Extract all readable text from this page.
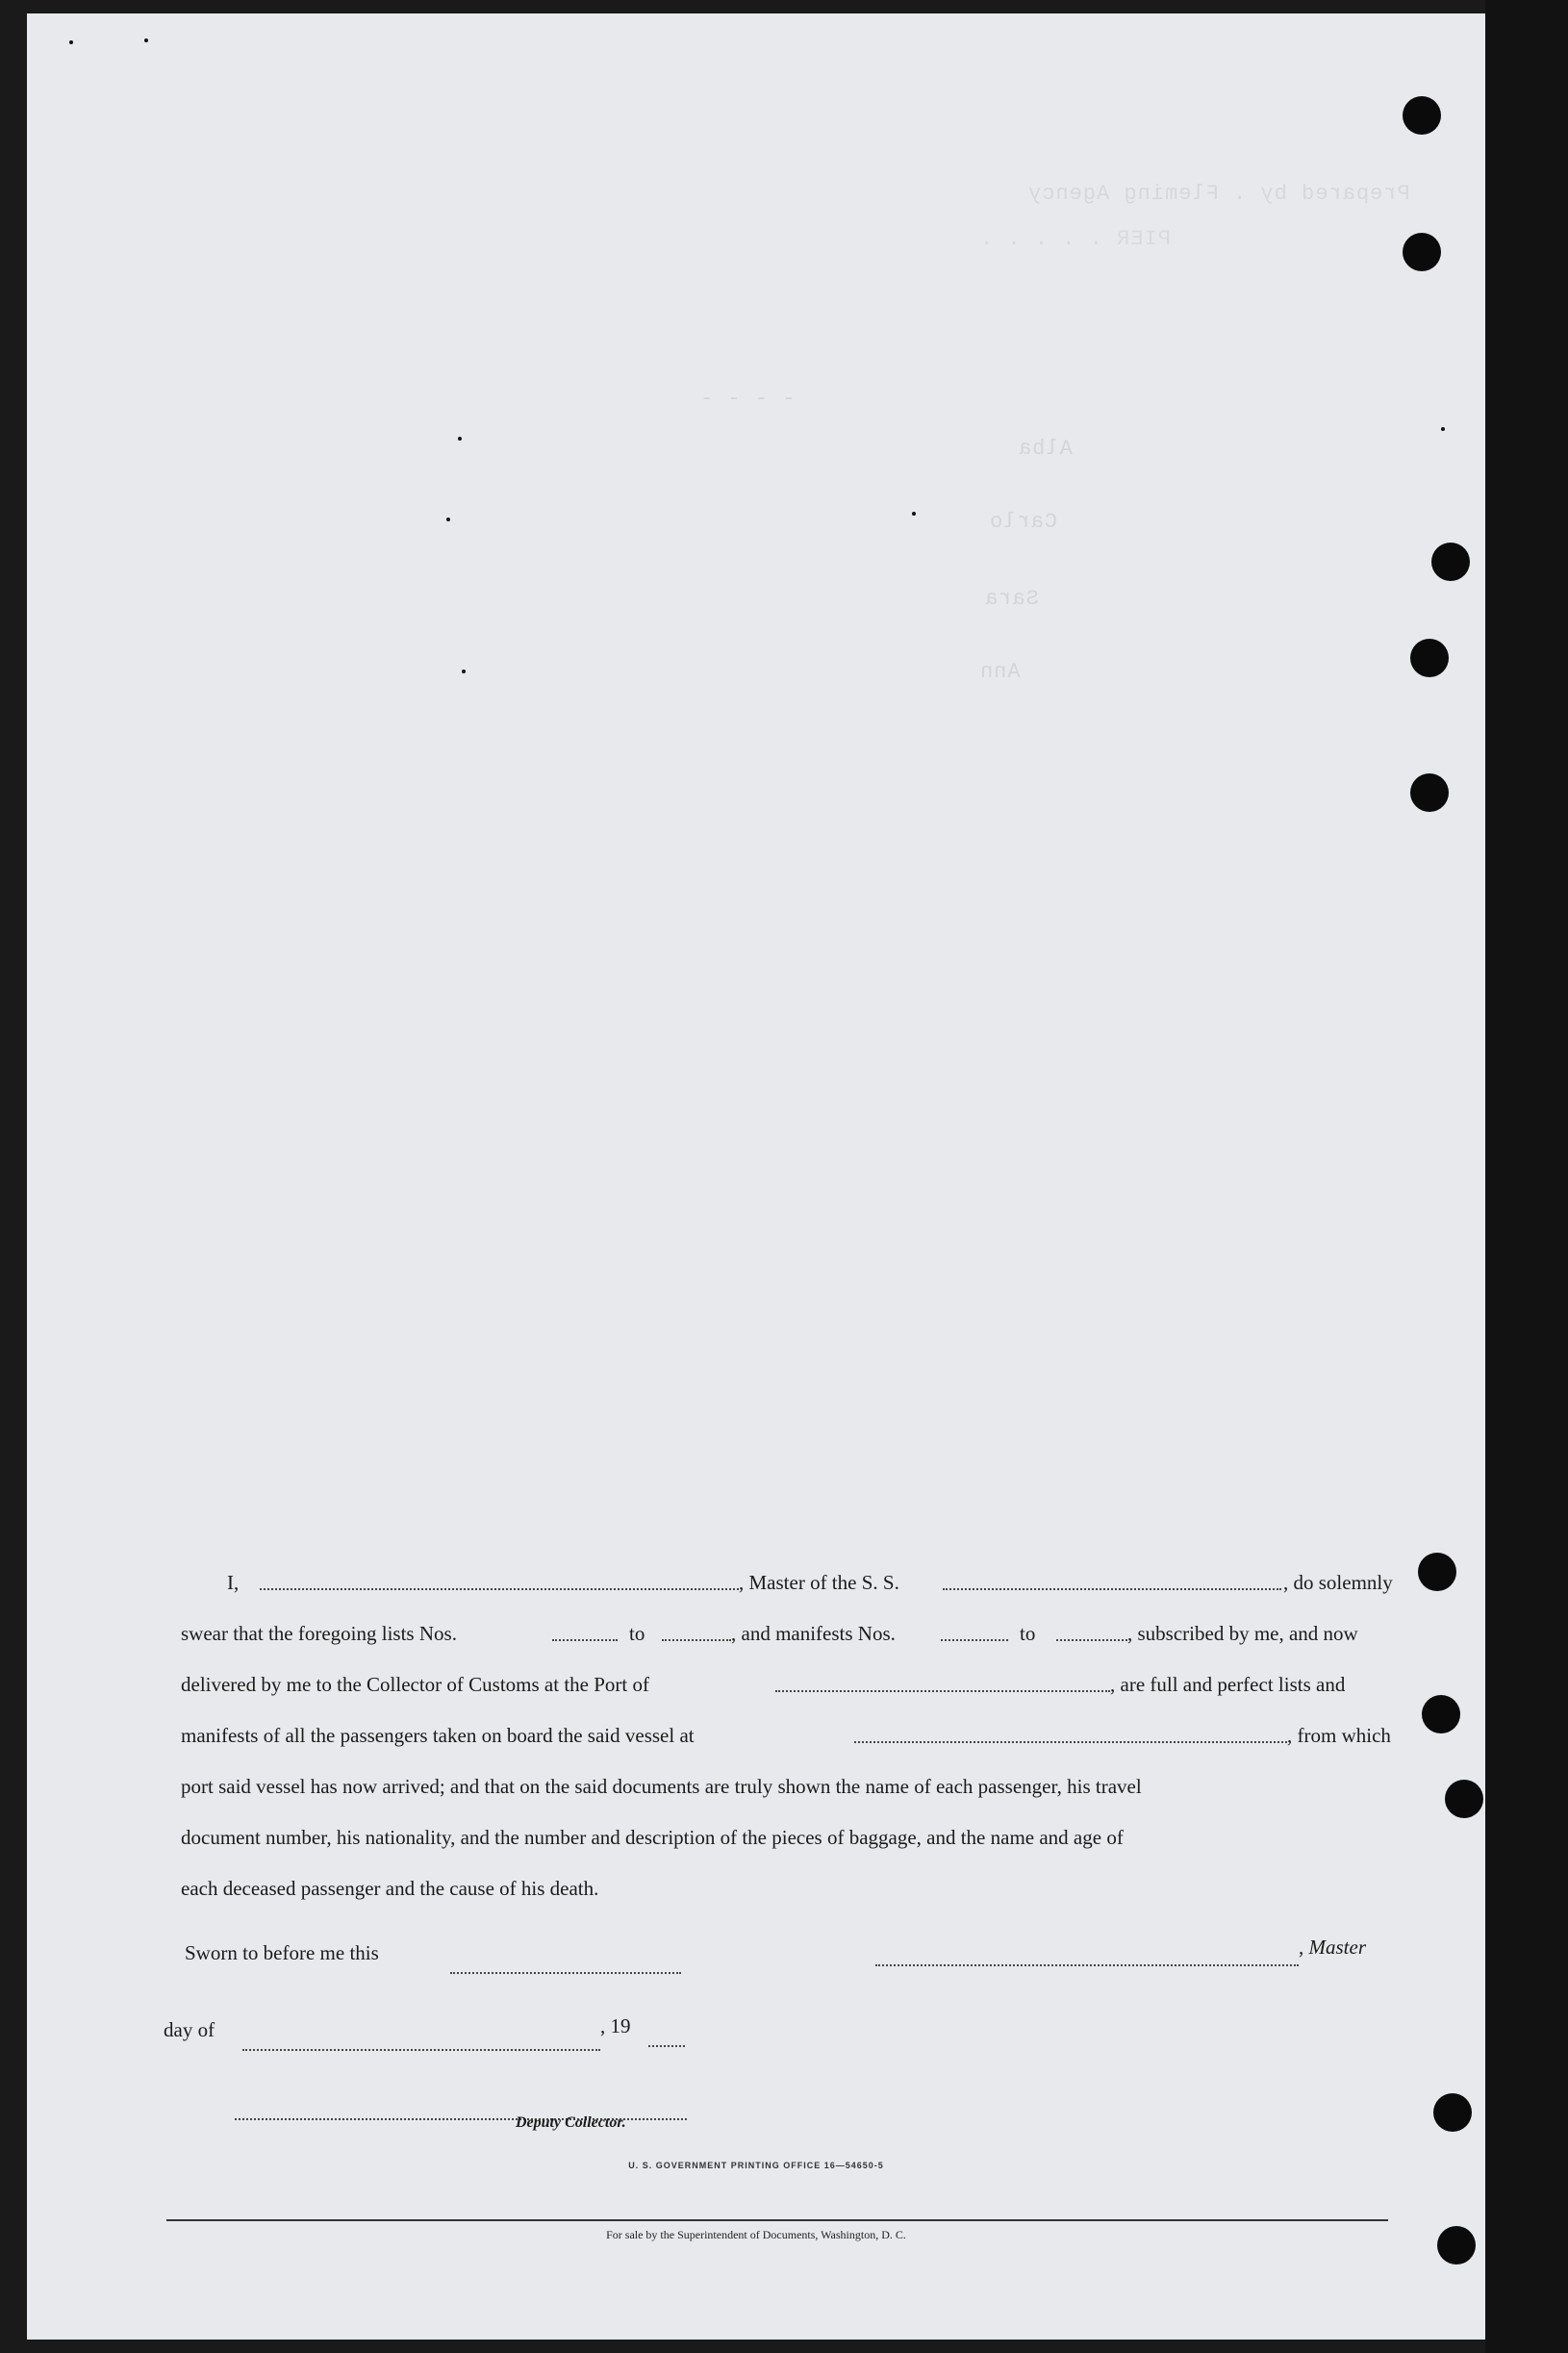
Prepared by . Fleming Agency
PIER . . . . .
- - - -
Alba
Carlo
Sara
Ann
I,	, Master of the S. S.	, do solemnly
swear that the foregoing lists Nos.	to	, and manifests Nos.	to	, subscribed by me, and now
delivered by me to the Collector of Customs at the Port of	, are full and perfect lists and
manifests of all the passengers taken on board the said vessel at	, from which
port said vessel has now arrived; and that on the said documents are truly shown the name of each passenger, his travel
document number, his nationality, and the number and description of the pieces of baggage, and the name and age of
each deceased passenger and the cause of his death.
Sworn to before me this	, Master
day of	, 19
Deputy Collector.
U. S. GOVERNMENT PRINTING OFFICE 16—54650-5
For sale by the Superintendent of Documents, Washington, D. C.
